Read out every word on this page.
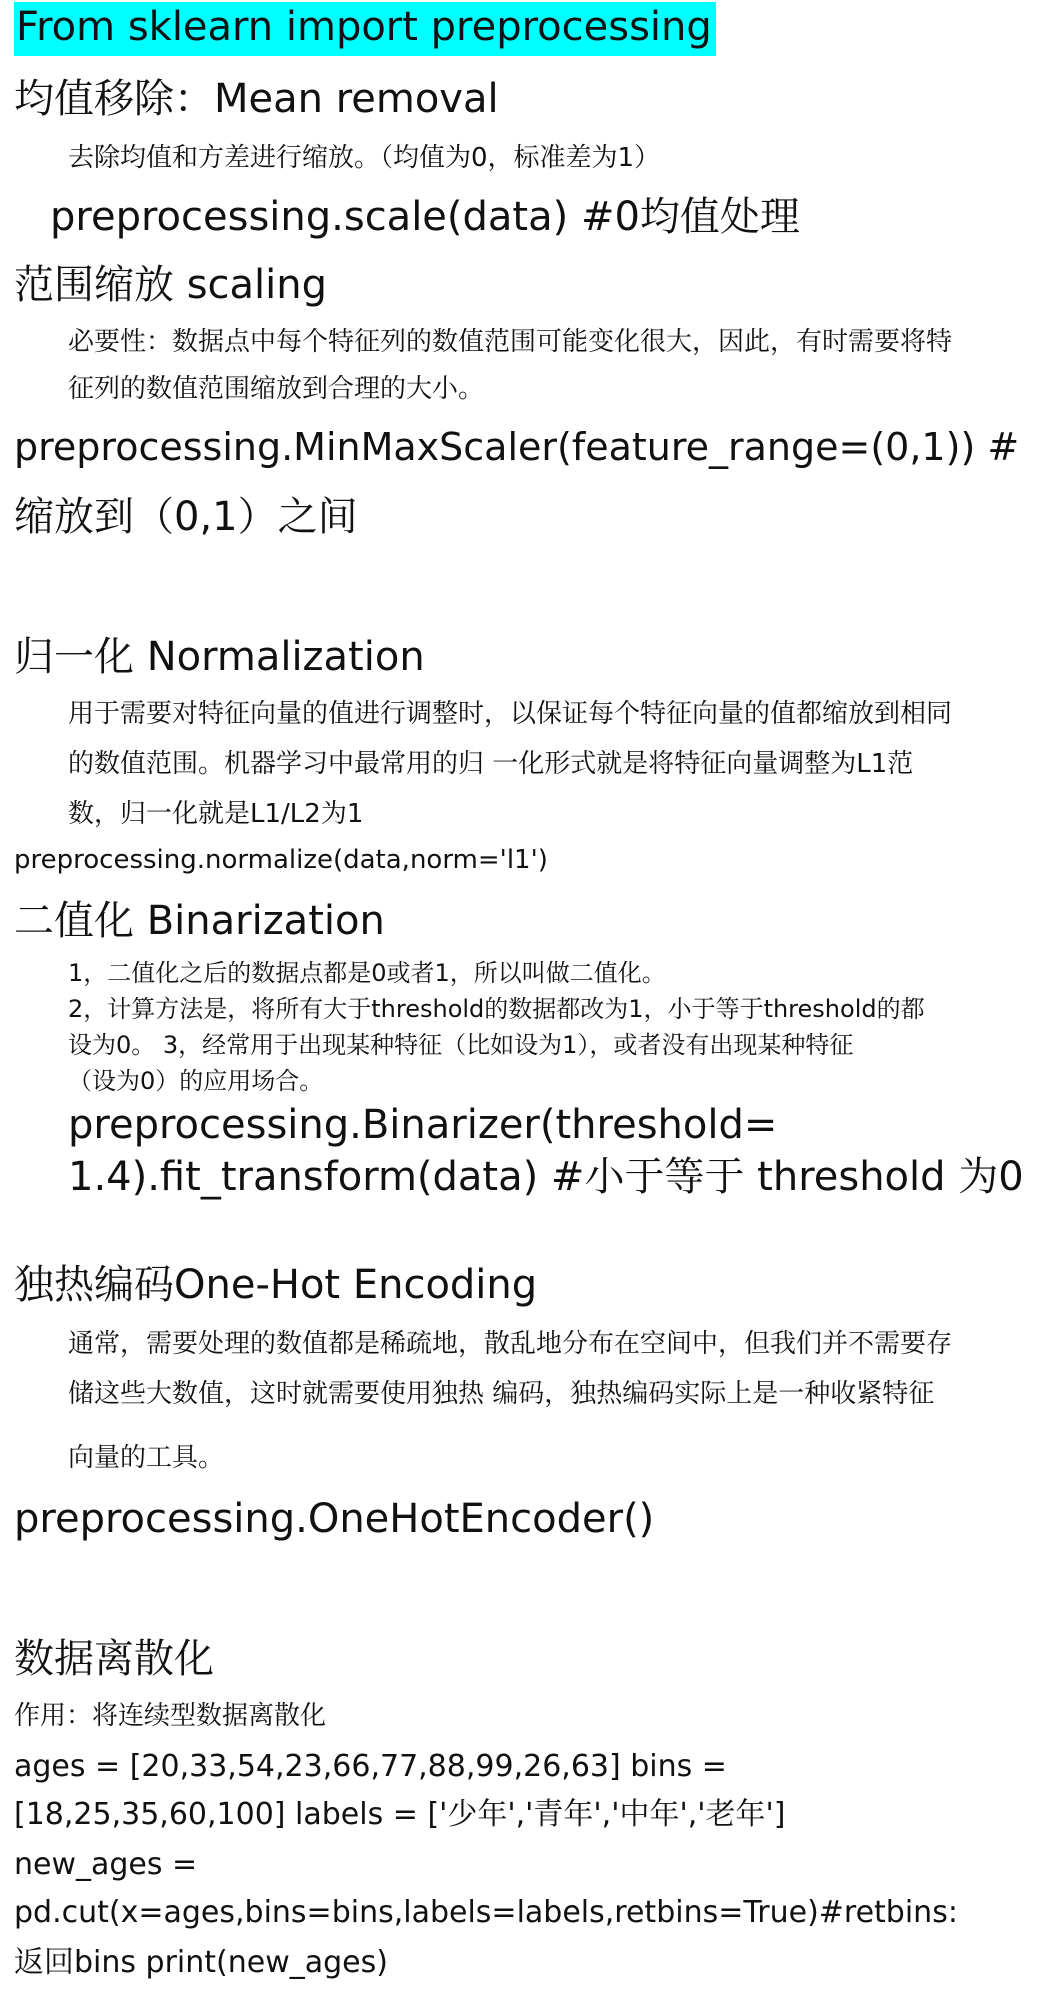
From sklearn import preprocessing
均值移除：Mean removal
去除均值和方差进行缩放。（均值为0，标准差为1）
preprocessing.scale(data) #0均值处理
范围缩放 scaling
必要性：数据点中每个特征列的数值范围可能变化很大，因此，有时需要将特
征列的数值范围缩放到合理的大小。
preprocessing.MinMaxScaler(feature_range=(0,1)) #
缩放到（0,1）之间
归一化 Normalization
用于需要对特征向量的值进行调整时，以保证每个特征向量的值都缩放到相同
的数值范围。机器学习中最常用的归 一化形式就是将特征向量调整为L1范
数，归一化就是L1/L2为1
preprocessing.normalize(data,norm='l1')
二值化 Binarization
1，二值化之后的数据点都是0或者1，所以叫做二值化。
2，计算方法是，将所有大于threshold的数据都改为1，小于等于threshold的都
设为0。 3，经常用于出现某种特征（比如设为1），或者没有出现某种特征
（设为0）的应用场合。
preprocessing.Binarizer(threshold=
1.4).fit_transform(data) #小于等于 threshold 为0
独热编码One-Hot Encoding
通常，需要处理的数值都是稀疏地，散乱地分布在空间中，但我们并不需要存
储这些大数值，这时就需要使用独热 编码，独热编码实际上是一种收紧特征
向量的工具。
preprocessing.OneHotEncoder()
数据离散化
作用：将连续型数据离散化
ages = [20,33,54,23,66,77,88,99,26,63] bins =
[18,25,35,60,100] labels = ['少年','青年','中年','老年']
new_ages =
pd.cut(x=ages,bins=bins,labels=labels,retbins=True)#retbins:
返回bins print(new_ages)
